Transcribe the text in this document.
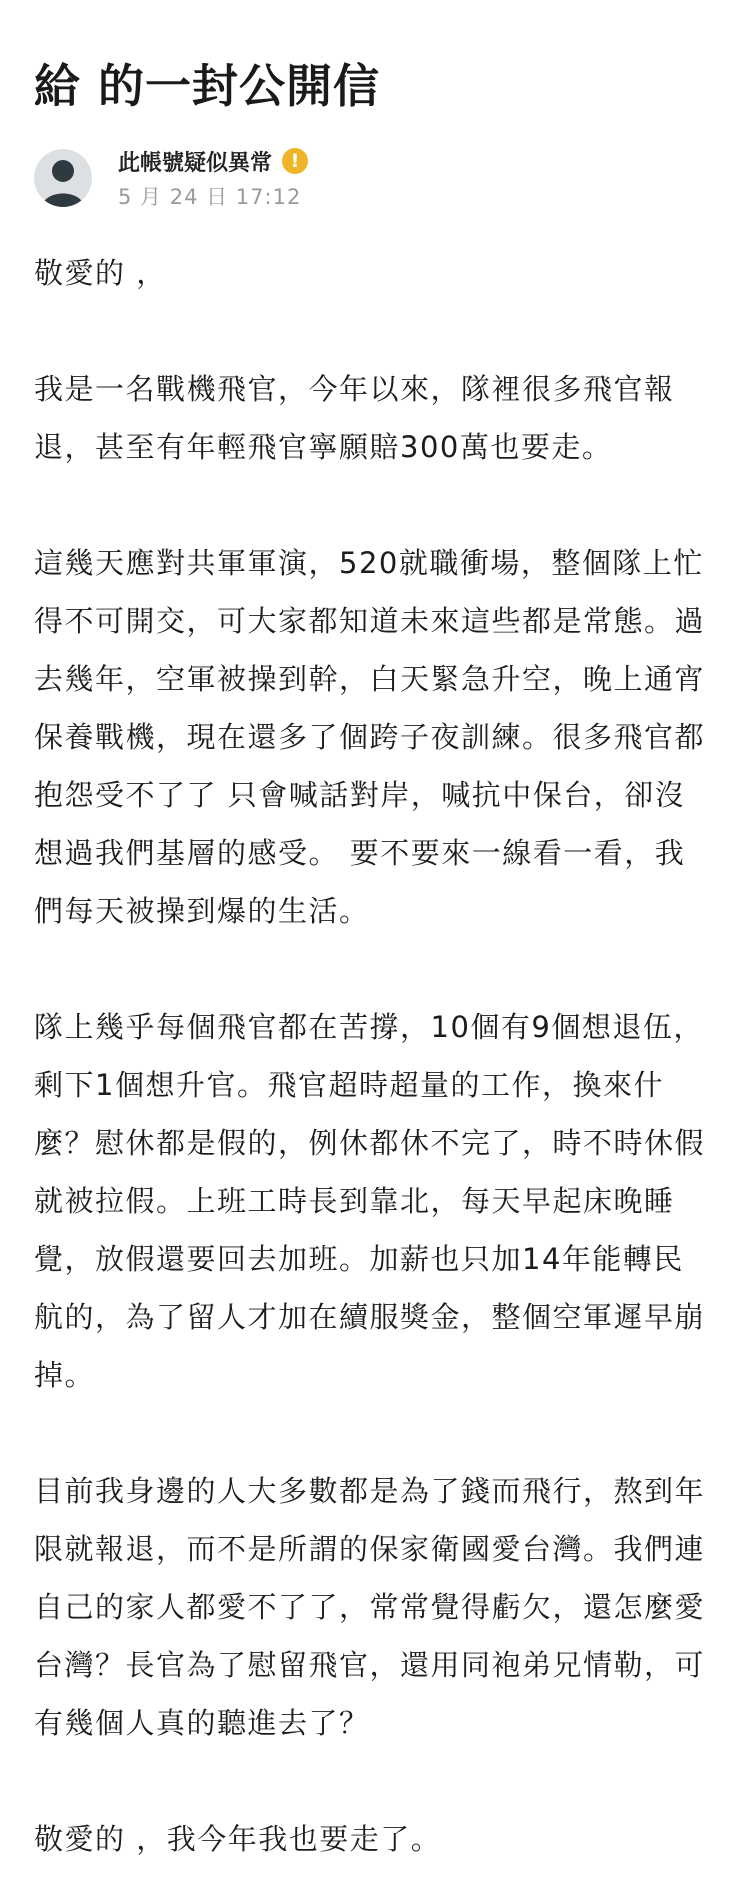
給 的一封公開信
此帳號疑似異常 !
5 月 24 日 17:12

敬愛的 ，

我是一名戰機飛官，今年以來，隊裡很多飛官報退，甚至有年輕飛官寧願賠300萬也要走。

這幾天應對共軍軍演，520就職衝場，整個隊上忙得不可開交，可大家都知道未來這些都是常態。過去幾年，空軍被操到幹，白天緊急升空，晚上通宵保養戰機，現在還多了個跨子夜訓練。很多飛官都抱怨受不了了 只會喊話對岸，喊抗中保台，卻沒想過我們基層的感受。 要不要來一線看一看，我們每天被操到爆的生活。

隊上幾乎每個飛官都在苦撐，10個有9個想退伍，剩下1個想升官。飛官超時超量的工作，換來什麼？慰休都是假的，例休都休不完了，時不時休假就被拉假。上班工時長到靠北，每天早起床晚睡覺，放假還要回去加班。加薪也只加14年能轉民航的，為了留人才加在續服獎金，整個空軍遲早崩掉。

目前我身邊的人大多數都是為了錢而飛行，熬到年限就報退，而不是所謂的保家衛國愛台灣。我們連自己的家人都愛不了了，常常覺得虧欠，還怎麼愛台灣？長官為了慰留飛官，還用同袍弟兄情勒，可有幾個人真的聽進去了？

敬愛的 ，我今年我也要走了。
